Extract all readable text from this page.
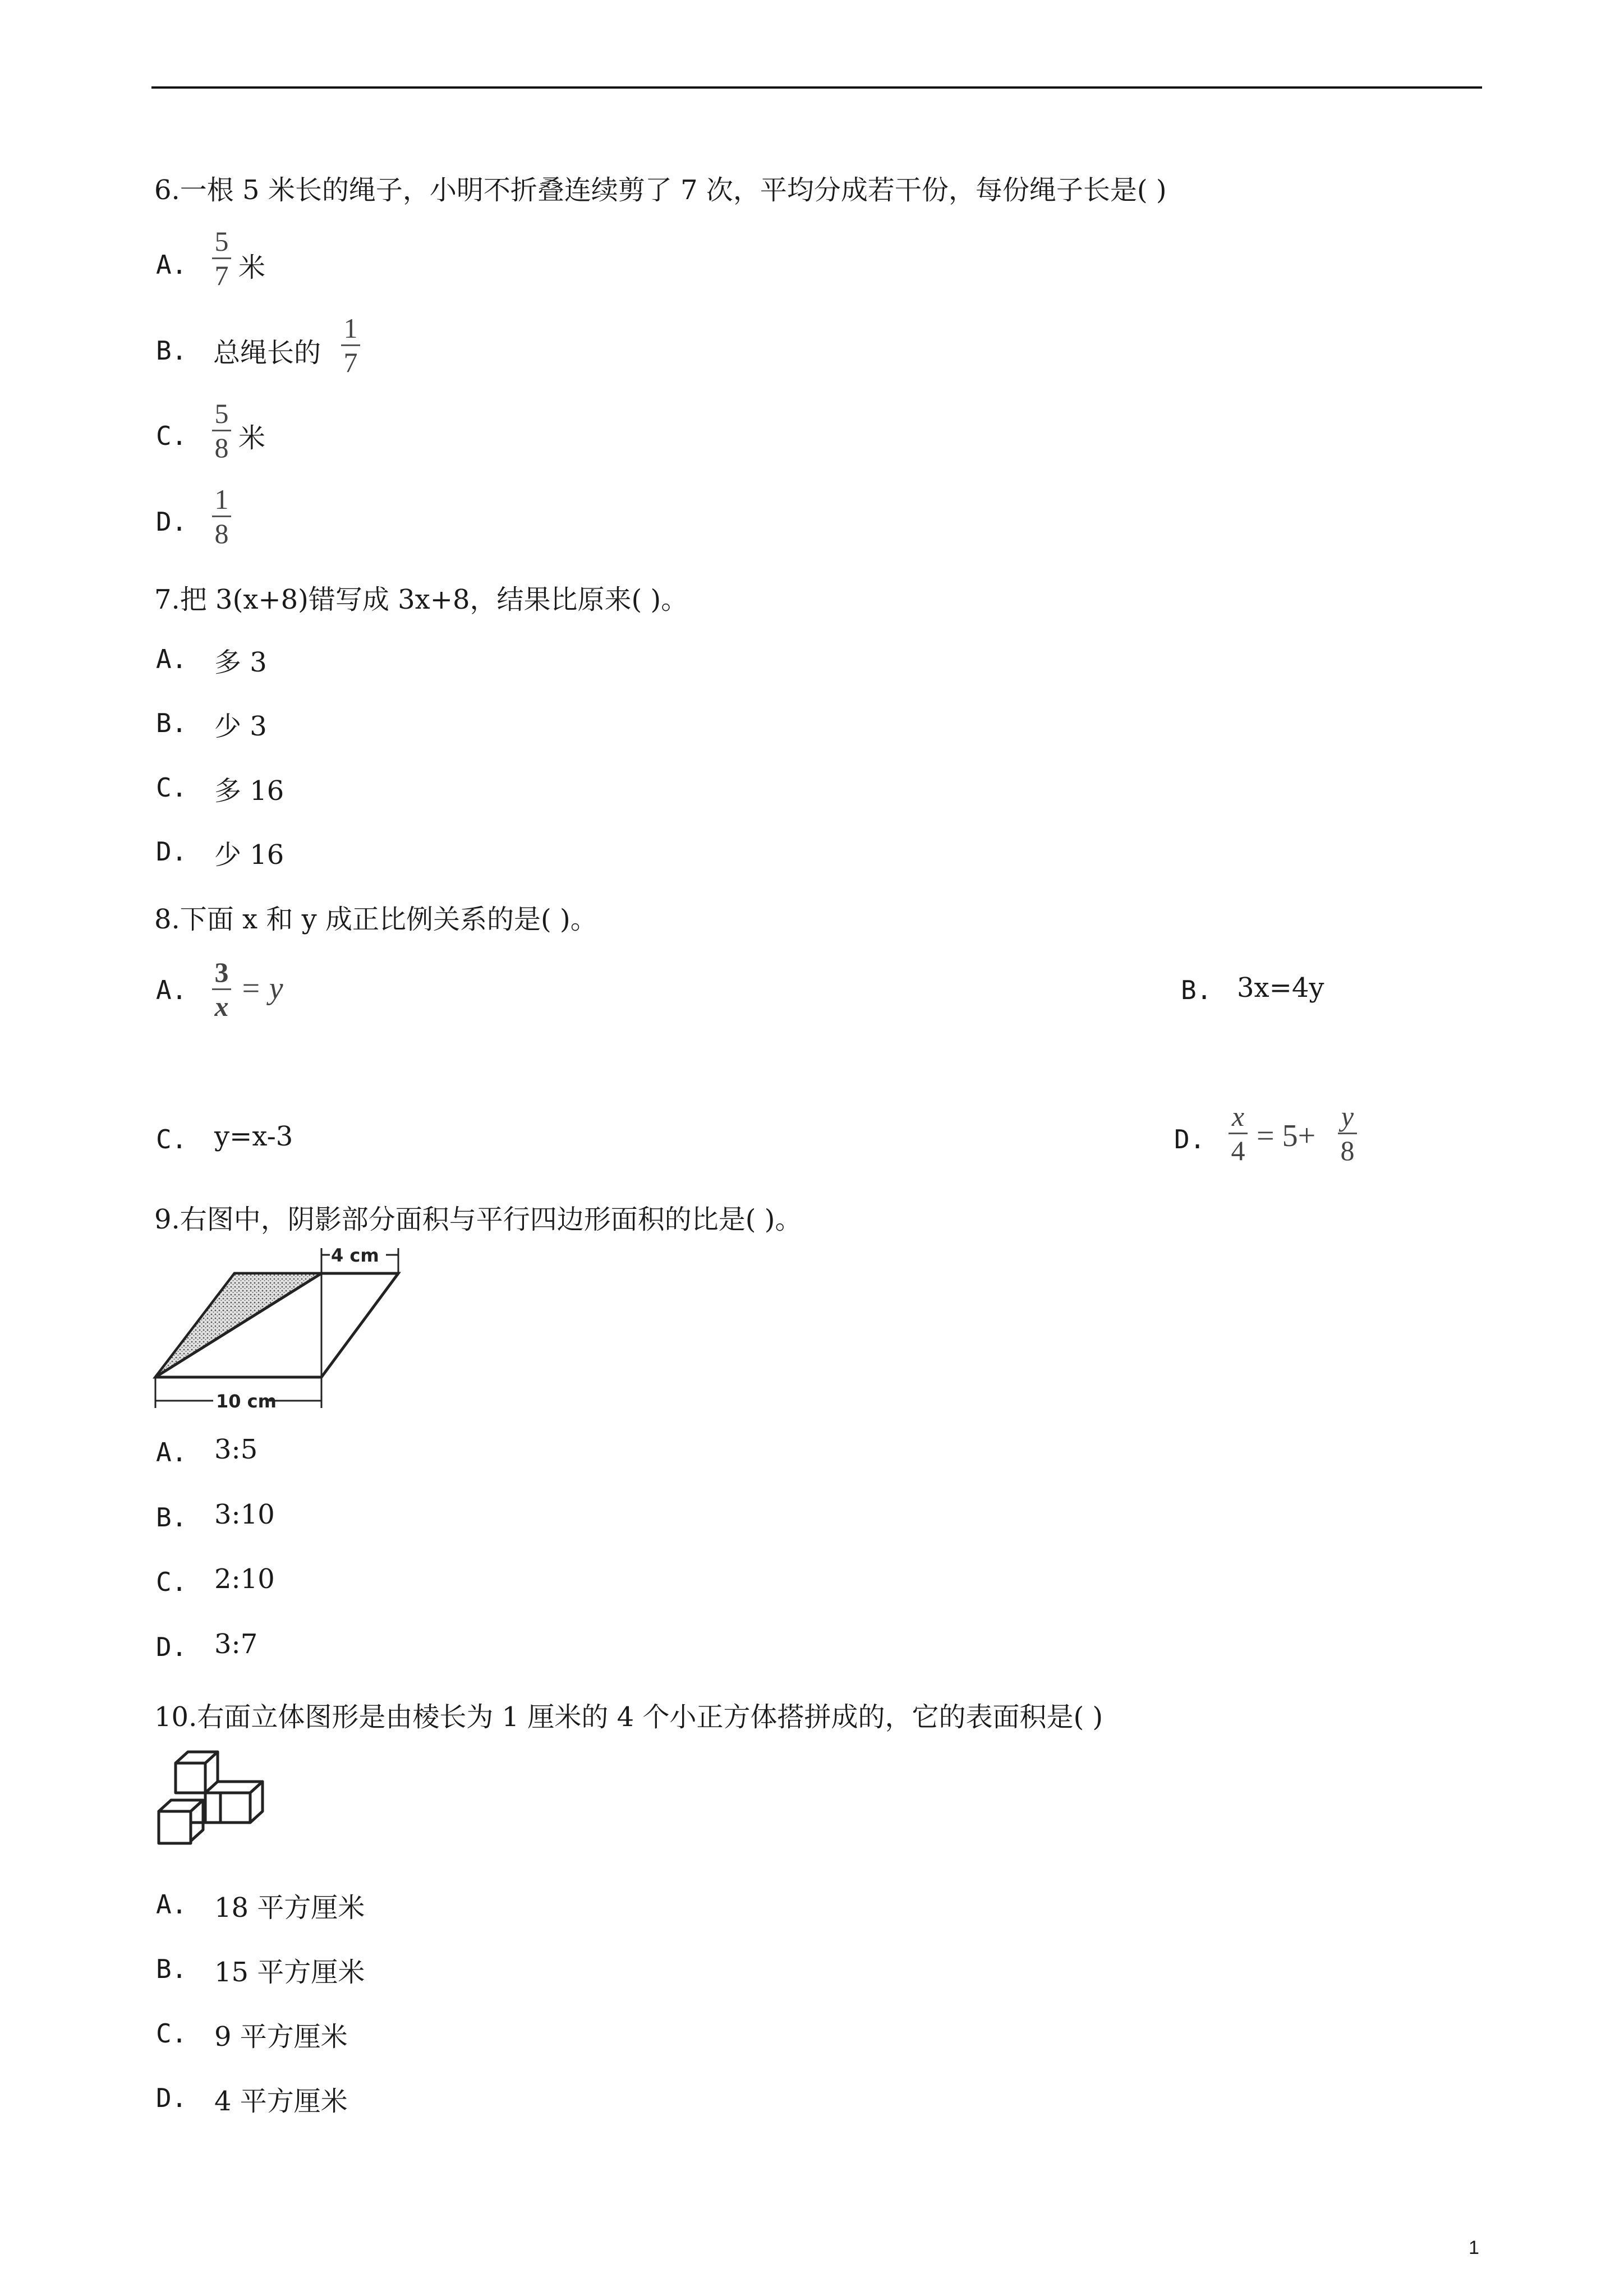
6.一根 5 米长的绳子，小明不折叠连续剪了 7 次，平均分成若干份，每份绳子长是( )
A.
5
7 米
B. 总绳长的
1
7
C.
5
8 米
D.
1
8
7.把 3(x+8)错写成 3x+8，结果比原来( )。
A. 多 3
B. 少 3
C. 多 16
D. 少 16
8.下面 x 和 y 成正比例关系的是( )。
A.
3
x
= y	B. 3x=4y
C. y=x-3	D.
x
4 = 5+
y
8
9.右图中，阴影部分面积与平行四边形面积的比是( )。
4 cm
10 cm
A. 3:5
B. 3:10
C. 2:10
D. 3:7
10.右面立体图形是由棱长为 1 厘米的 4 个小正方体搭拼成的，它的表面积是( )
A. 18 平方厘米
B. 15 平方厘米
C. 9 平方厘米
D. 4 平方厘米
1
